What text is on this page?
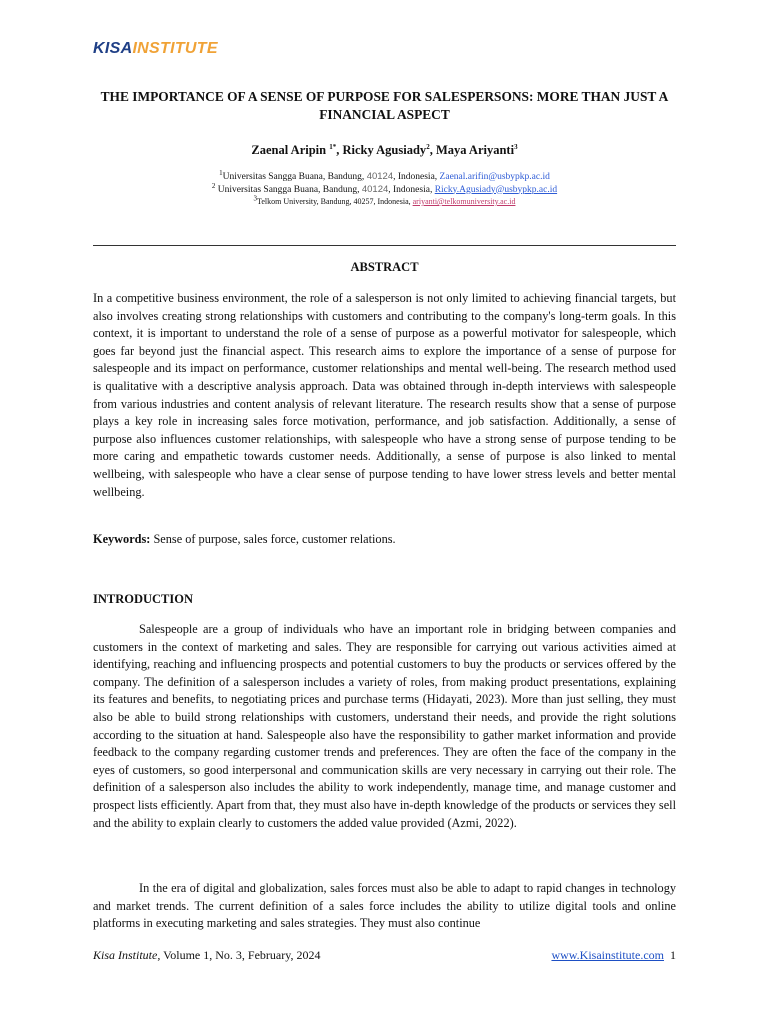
KISAINSTITUTE
THE IMPORTANCE OF A SENSE OF PURPOSE FOR SALESPERSONS: MORE THAN JUST A FINANCIAL ASPECT
Zaenal Aripin $^{1*}$, Ricky Agusiady$^2$, Maya Ariyanti$^3$
$^1$Universitas Sangga Buana, Bandung, 40124, Indonesia, Zaenal.arifin@usbypkp.ac.id
$^2$ Universitas Sangga Buana, Bandung, 40124, Indonesia, Ricky.Agusiady@usbypkp.ac.id
$^3$Telkom University, Bandung, 40257, Indonesia, ariyanti@telkomuniversity.ac.id
ABSTRACT
In a competitive business environment, the role of a salesperson is not only limited to achieving financial targets, but also involves creating strong relationships with customers and contributing to the company's long-term goals. In this context, it is important to understand the role of a sense of purpose as a powerful motivator for salespeople, which goes far beyond just the financial aspect. This research aims to explore the importance of a sense of purpose for salespeople and its impact on performance, customer relationships and mental well-being. The research method used is qualitative with a descriptive analysis approach. Data was obtained through in-depth interviews with salespeople from various industries and content analysis of relevant literature. The research results show that a sense of purpose plays a key role in increasing sales force motivation, performance, and job satisfaction. Additionally, a sense of purpose also influences customer relationships, with salespeople who have a strong sense of purpose tending to be more caring and empathetic towards customer needs. Additionally, a sense of purpose is also linked to mental wellbeing, with salespeople who have a clear sense of purpose tending to have lower stress levels and better mental wellbeing.
Keywords: Sense of purpose, sales force, customer relations.
INTRODUCTION
Salespeople are a group of individuals who have an important role in bridging between companies and customers in the context of marketing and sales. They are responsible for carrying out various activities aimed at identifying, reaching and influencing prospects and potential customers to buy the products or services offered by the company. The definition of a salesperson includes a variety of roles, from making product presentations, explaining its features and benefits, to negotiating prices and purchase terms (Hidayati, 2023). More than just selling, they must also be able to build strong relationships with customers, understand their needs, and provide the right solutions according to the situation at hand. Salespeople also have the responsibility to gather market information and provide feedback to the company regarding customer trends and preferences. They are often the face of the company in the eyes of customers, so good interpersonal and communication skills are very necessary in carrying out their role. The definition of a salesperson also includes the ability to work independently, manage time, and manage customer and prospect lists efficiently. Apart from that, they must also have in-depth knowledge of the products or services they sell and the ability to explain clearly to customers the added value provided (Azmi, 2022).
In the era of digital and globalization, sales forces must also be able to adapt to rapid changes in technology and market trends. The current definition of a sales force includes the ability to utilize digital tools and online platforms in executing marketing and sales strategies. They must also continue
Kisa Institute, Volume 1, No. 3, February, 2024	www.Kisainstitute.com 1
